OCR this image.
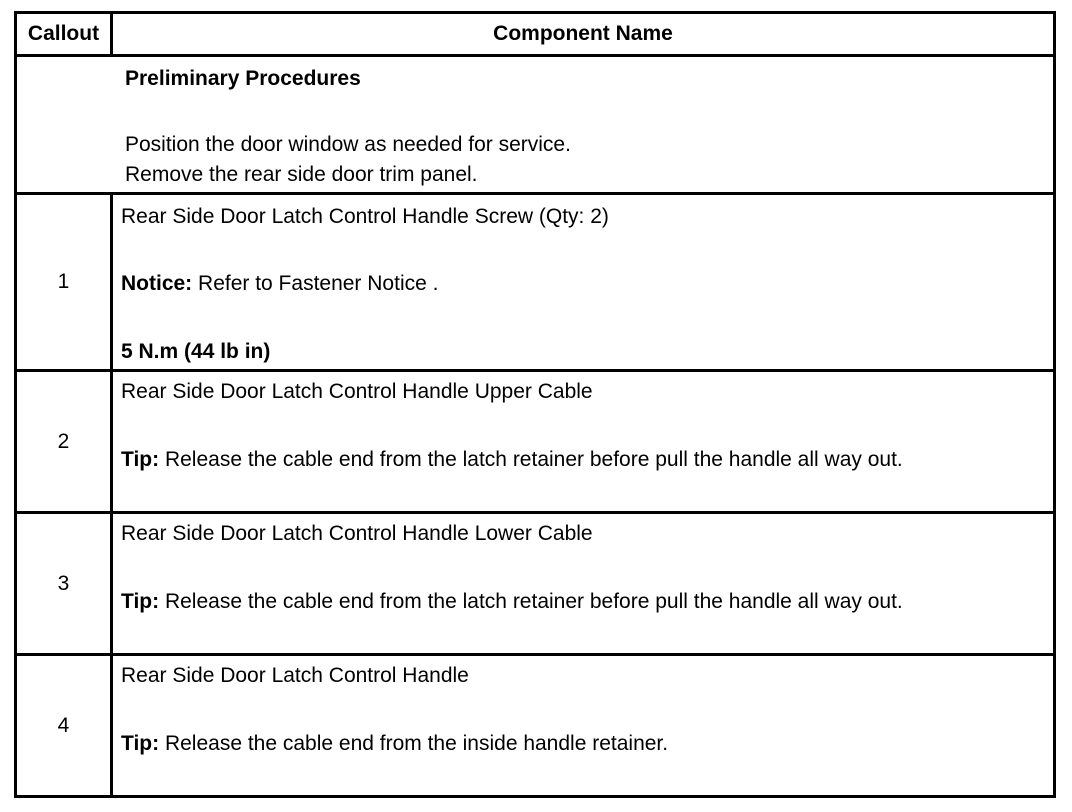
Callout	Component Name
Preliminary Procedures
Position the door window as needed for service.
Remove the rear side door trim panel.
1
Rear Side Door Latch Control Handle Screw (Qty: 2)
Notice: Refer to Fastener Notice .
5 N.m (44 lb in)
2
Rear Side Door Latch Control Handle Upper Cable
Tip: Release the cable end from the latch retainer before pull the handle all way out.
3
Rear Side Door Latch Control Handle Lower Cable
Tip: Release the cable end from the latch retainer before pull the handle all way out.
4
Rear Side Door Latch Control Handle
Tip: Release the cable end from the inside handle retainer.
